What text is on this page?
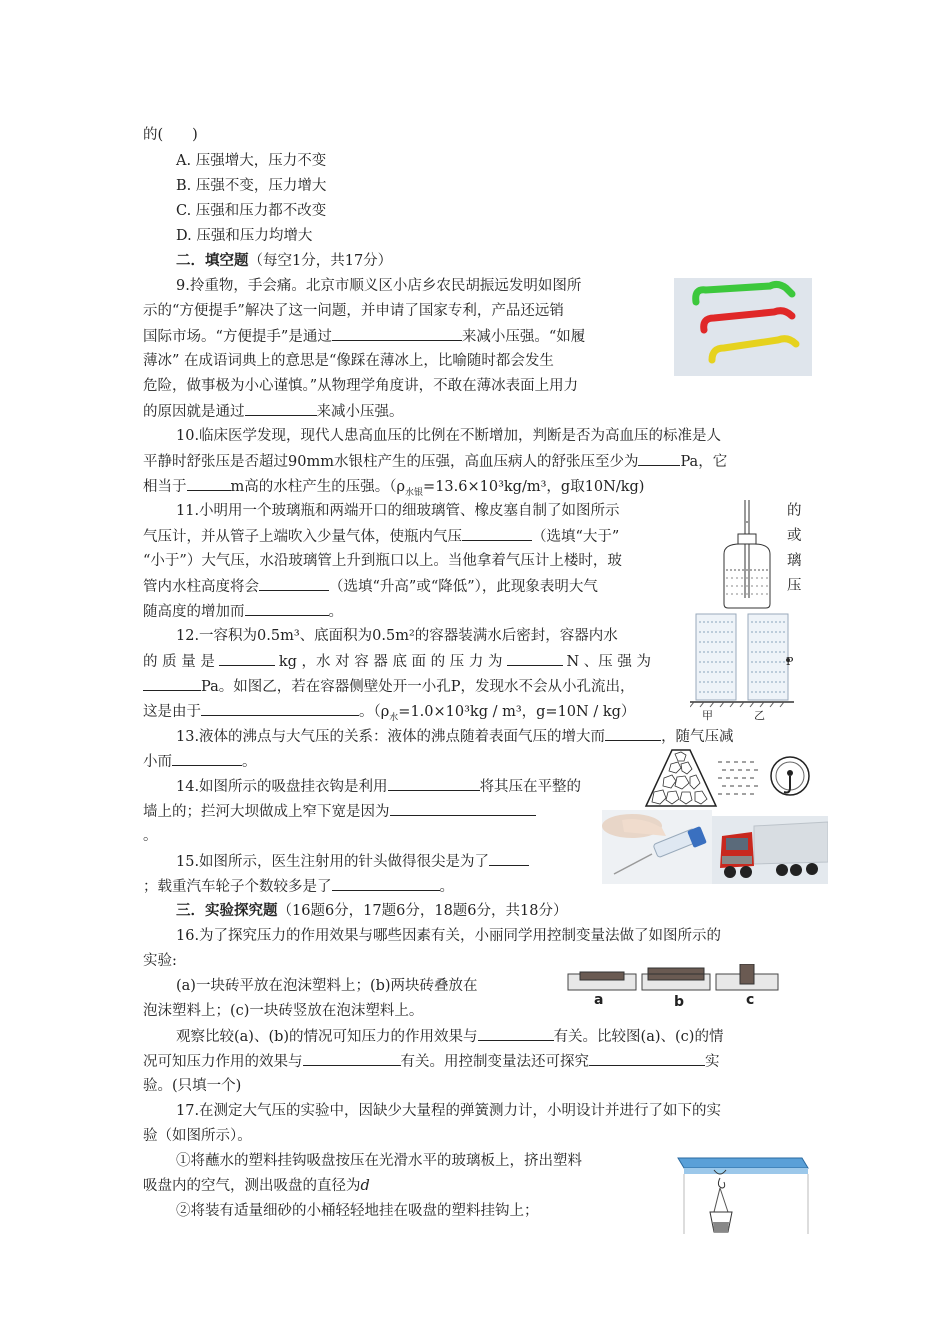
的(　　)
A. 压强增大，压力不变
B. 压强不变，压力增大
C. 压强和压力都不改变
D. 压强和压力均增大
二．填空题（每空1分，共17分）
9.拎重物，手会痛。北京市顺义区小店乡农民胡振远发明如图所
示的“方便提手”解决了这一问题，并申请了国家专利，产品还远销
国际市场。“方便提手”是通过	来减小压强。“如履
薄冰” 在成语词典上的意思是“像踩在薄冰上，比喻随时都会发生
危险，做事极为小心谨慎。”从物理学角度讲，不敢在薄冰表面上用力
的原因就是通过	来减小压强。
10.临床医学发现，现代人患高血压的比例在不断增加，判断是否为高血压的标准是人
平静时舒张压是否超过90mm水银柱产生的压强，高血压病人的舒张压至少为	Pa，它
相当于	m高的水柱产生的压强。（$\rho_{水银}=13.6\times 10^3kg/m^3$，g取10N/kg)
11.小明用一个玻璃瓶和两端开口的细玻璃管、橡皮塞自制了如图所示	的
气压计，并从管子上端吹入少量气体，使瓶内气压	（选填“大于”	或
“小于”）大气压，水沿玻璃管上升到瓶口以上。当他拿着气压计上楼时，玻	璃
管内水柱高度将会	（选填“升高”或“降低”），此现象表明大气	压
随高度的增加而	。
12.一容积为0.5m³、底面积为0.5m²的容器装满水后密封，容器内水
的 质 量 是	kg ，水 对 容 器 底 面 的 压 力 为	N 、压 强 为
Pa。如图乙，若在容器侧壁处开一小孔P，发现水不会从小孔流出，
这是由于	。（$\rho_水=1.0\times 10^3kg / m^3$，g=10N / kg）
P
甲	乙
13.液体的沸点与大气压的关系：液体的沸点随着表面气压的增大而	，随气压减
小而	。
14.如图所示的吸盘挂衣钩是利用	将其压在平整的
墙上的；拦河大坝做成上窄下宽是因为
。
15.如图所示，医生注射用的针头做得很尖是为了
；载重汽车轮子个数较多是了	。
三．实验探究题（16题6分，17题6分，18题6分，共18分）
16.为了探究压力的作用效果与哪些因素有关，小丽同学用控制变量法做了如图所示的
实验:
(a)一块砖平放在泡沫塑料上；(b)两块砖叠放在
泡沫塑料上；(c)一块砖竖放在泡沫塑料上。
观察比较(a)、(b)的情况可知压力的作用效果与	有关。比较图(a)、(c)的情
况可知压力作用的效果与	有关。用控制变量法还可探究	实
验。(只填一个)
a	b	c
17.在测定大气压的实验中，因缺少大量程的弹簧测力计，小明设计并进行了如下的实
验（如图所示）。
①将蘸水的塑料挂钩吸盘按压在光滑水平的玻璃板上，挤出塑料
吸盘内的空气，测出吸盘的直径为d
②将装有适量细砂的小桶轻轻地挂在吸盘的塑料挂钩上；
